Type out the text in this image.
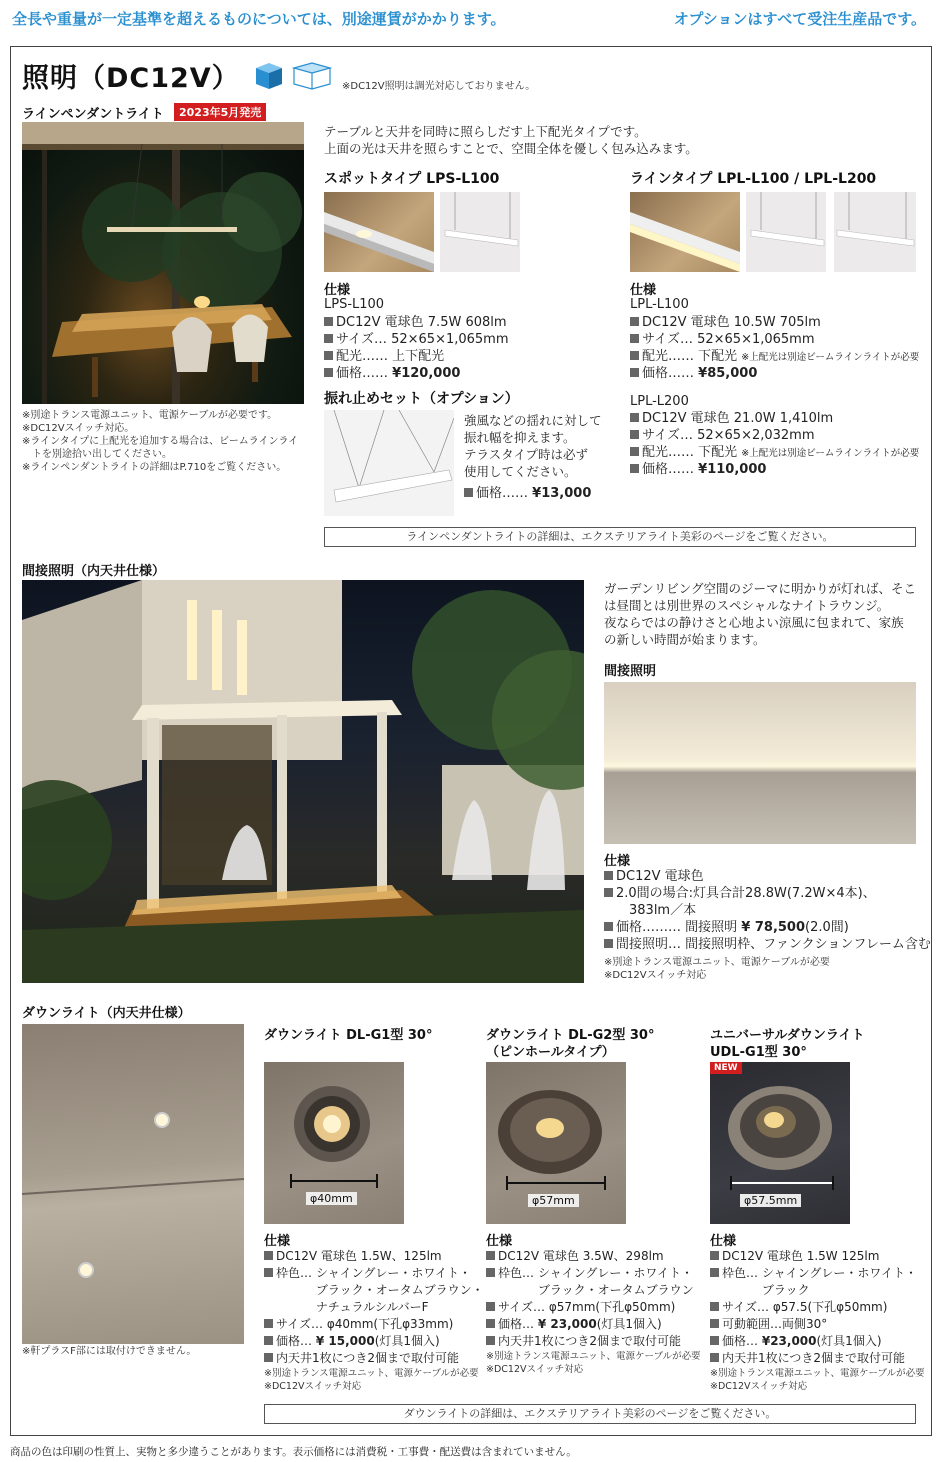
全長や重量が一定基準を超えるものについては、別途運賃がかかります。	オプションはすべて受注生産品です。
照明（DC12V）	※DC12V照明は調光対応しておりません。
ラインペンダントライト	2023年5月発売
※別途トランス電源ユニット、電源ケーブルが必要です。
※DC12Vスイッチ対応。
※ラインタイプに上配光を追加する場合は、ビームラインライ
　トを別途拾い出してください。
※ラインペンダントライトの詳細はP.710をご覧ください。
テーブルと天井を同時に照らしだす上下配光タイプです。
上面の光は天井を照らすことで、空間全体を優しく包み込みます。
スポットタイプ LPS-L100
仕様
LPS-L100
DC12V 電球色 7.5W 608lm
サイズ… 52×65×1,065mm
配光…… 上下配光
価格…… ¥120,000
振れ止めセット（オプション）
強風などの揺れに対して
振れ幅を抑えます。
テラスタイプ時は必ず
使用してください。
価格…… ¥13,000
ラインタイプ LPL-L100 / LPL-L200
仕様
LPL-L100
DC12V 電球色 10.5W 705lm
サイズ… 52×65×1,065mm
配光…… 下配光 ※上配光は別途ビームラインライトが必要
価格…… ¥85,000
LPL-L200
DC12V 電球色 21.0W 1,410lm
サイズ… 52×65×2,032mm
配光…… 下配光 ※上配光は別途ビームラインライトが必要
価格…… ¥110,000
ラインペンダントライトの詳細は、エクステリアライト美彩のページをご覧ください。
間接照明（内天井仕様）
ガーデンリビング空間のジーマに明かりが灯れば、そこ
は昼間とは別世界のスペシャルなナイトラウンジ。
夜ならではの静けさと心地よい涼風に包まれて、家族
の新しい時間が始まります。
間接照明
仕様
DC12V 電球色
2.0間の場合:灯具合計28.8W(7.2W×4本)、
　383lm／本
価格……… 間接照明 ¥ 78,500(2.0間)
間接照明… 間接照明枠、ファンクションフレーム含む
※別途トランス電源ユニット、電源ケーブルが必要
※DC12Vスイッチ対応
ダウンライト（内天井仕様）
※軒プラスF部には取付けできません。
ダウンライト DL-G1型 30°
φ40mm
仕様
DC12V 電球色 1.5W、125lm
枠色… シャイングレー・ホワイト・
　　　 ブラック・オータムブラウン・
　　　 ナチュラルシルバーF
サイズ… φ40mm(下孔φ33mm)
価格… ¥ 15,000(灯具1個入)
内天井1枚につき2個まで取付可能
※別途トランス電源ユニット、電源ケーブルが必要
※DC12Vスイッチ対応
ダウンライト DL-G2型 30°
（ピンホールタイプ）
φ57mm
仕様
DC12V 電球色 3.5W、298lm
枠色… シャイングレー・ホワイト・
　　　 ブラック・オータムブラウン
サイズ… φ57mm(下孔φ50mm)
価格… ¥ 23,000(灯具1個入)
内天井1枚につき2個まで取付可能
※別途トランス電源ユニット、電源ケーブルが必要
※DC12Vスイッチ対応
ユニバーサルダウンライト
UDL-G1型 30°
φ57.5mm
NEW
仕様
DC12V 電球色 1.5W 125lm
枠色… シャイングレー・ホワイト・
　　　 ブラック
サイズ… φ57.5(下孔φ50mm)
可動範囲…両側30°
価格… ¥23,000(灯具1個入)
内天井1枚につき2個まで取付可能
※別途トランス電源ユニット、電源ケーブルが必要
※DC12Vスイッチ対応
ダウンライトの詳細は、エクステリアライト美彩のページをご覧ください。
商品の色は印刷の性質上、実物と多少違うことがあります。表示価格には消費税・工事費・配送費は含まれていません。
